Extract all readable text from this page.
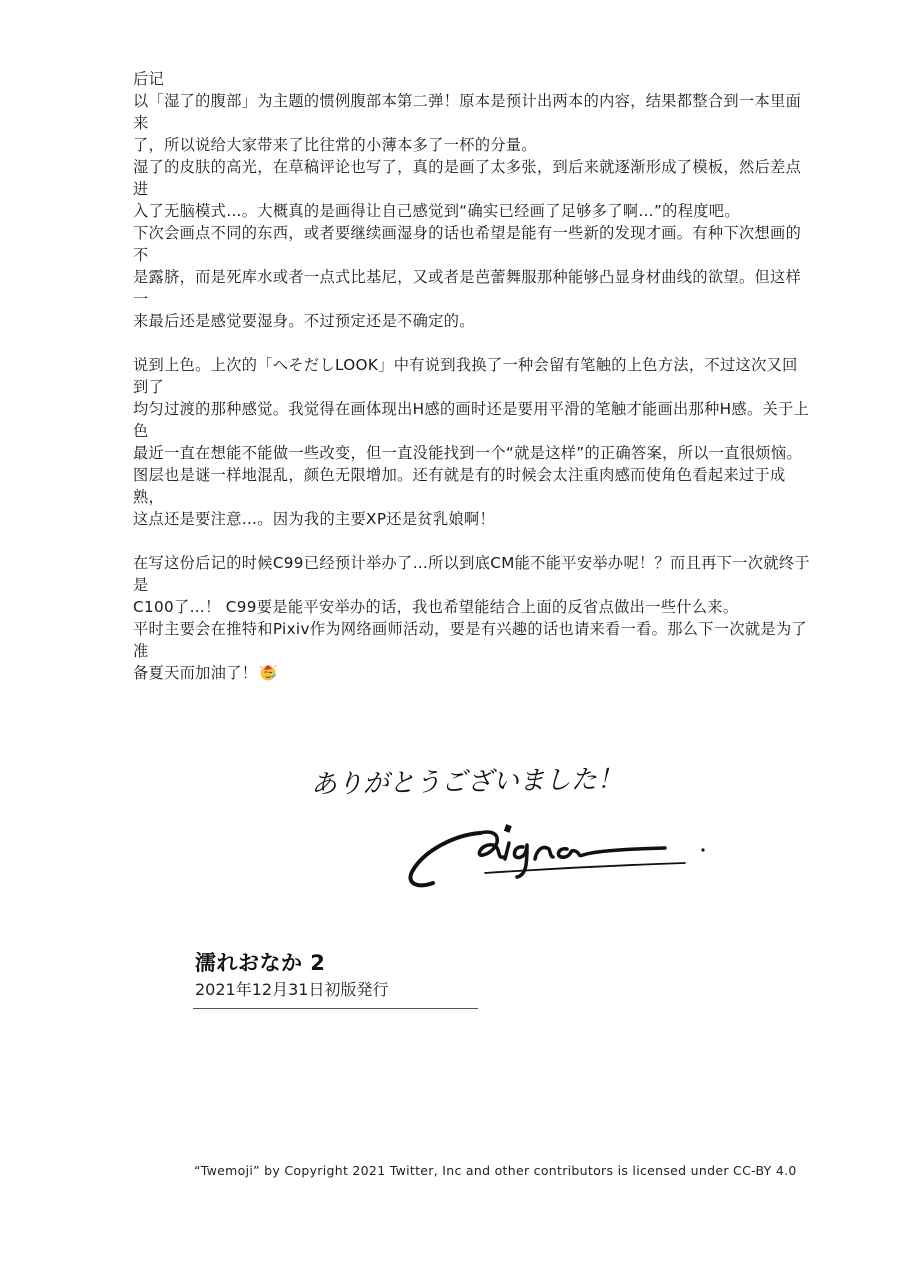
后记

以「湿了的腹部」为主题的惯例腹部本第二弹！原本是预计出两本的内容，结果都整合到一本里面来

了，所以说给大家带来了比往常的小薄本多了一杯的分量。

湿了的皮肤的高光，在草稿评论也写了，真的是画了太多张，到后来就逐渐形成了模板，然后差点进

入了无脑模式…。大概真的是画得让自己感觉到“确实已经画了足够多了啊…”的程度吧。

下次会画点不同的东西，或者要继续画湿身的话也希望是能有一些新的发现才画。有种下次想画的不

是露脐，而是死库水或者一点式比基尼，又或者是芭蕾舞服那种能够凸显身材曲线的欲望。但这样一

来最后还是感觉要湿身。不过预定还是不确定的。

说到上色。上次的「へそだしLOOK」中有说到我换了一种会留有笔触的上色方法，不过这次又回到了

均匀过渡的那种感觉。我觉得在画体现出H感的画时还是要用平滑的笔触才能画出那种H感。关于上色

最近一直在想能不能做一些改变，但一直没能找到一个“就是这样”的正确答案，所以一直很烦恼。

图层也是谜一样地混乱，颜色无限增加。还有就是有的时候会太注重肉感而使角色看起来过于成熟，

这点还是要注意…。因为我的主要XP还是贫乳娘啊！

在写这份后记的时候C99已经预计举办了…所以到底CM能不能平安举办呢！？而且再下一次就终于是

C100了…！ C99要是能平安举办的话，我也希望能结合上面的反省点做出一些什么来。

平时主要会在推特和Pixiv作为网络画师活动，要是有兴趣的话也请来看一看。那么下一次就是为了准

备夏天而加油了！

ありがとうございました！
濡れおなか 2
2021年12月31日初版発行
“Twemoji” by Copyright 2021 Twitter, Inc and other contributors is licensed under CC-BY 4.0
